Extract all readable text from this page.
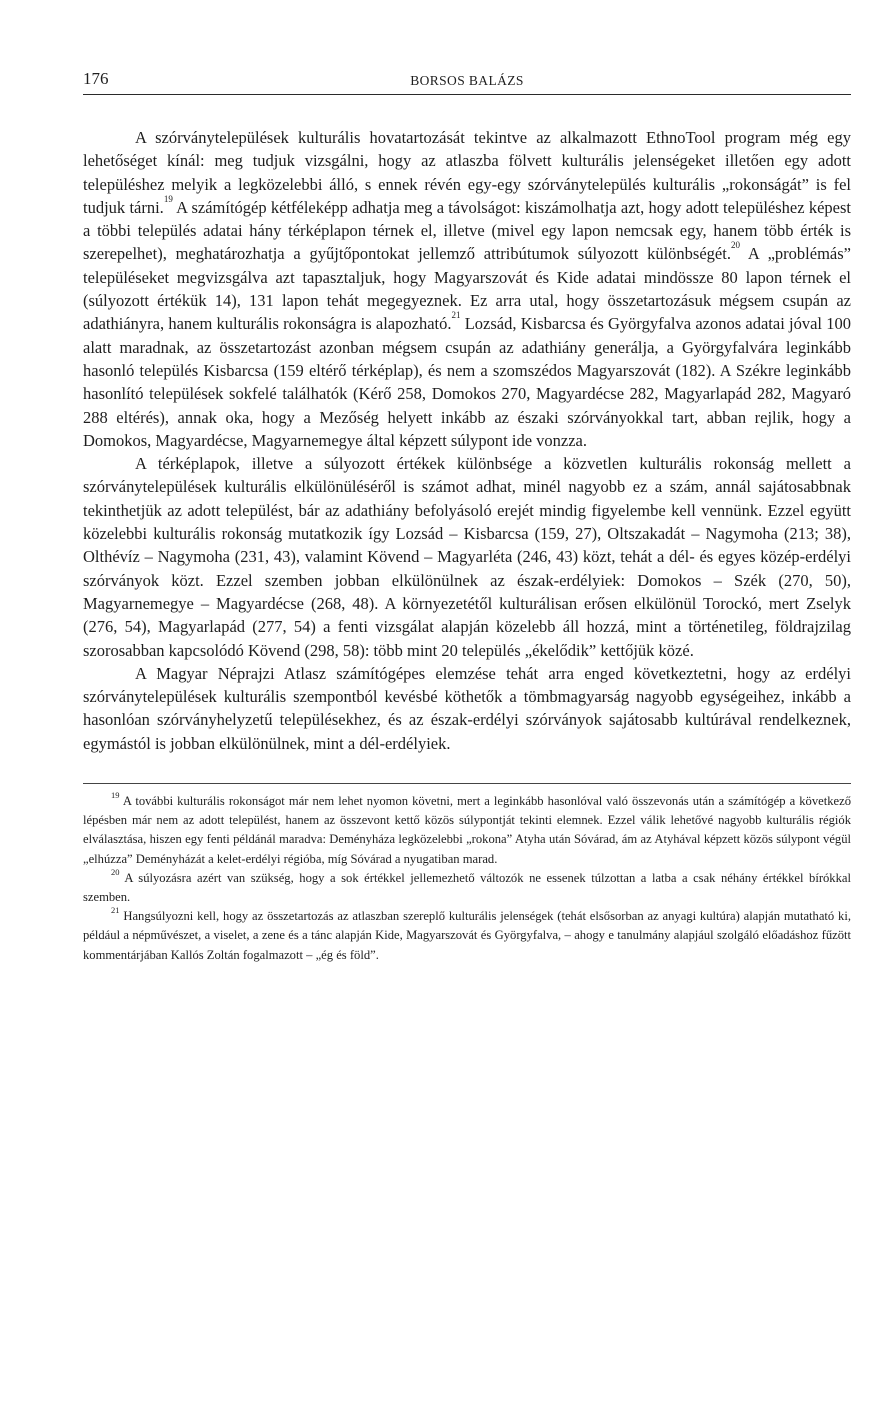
176	BORSOS BALÁZS

A szórványtelepülések kulturális hovatartozását tekintve az alkalmazott EthnoTool program még egy lehetőséget kínál: meg tudjuk vizsgálni, hogy az atlaszba fölvett kulturális jelenségeket illetően egy adott településhez melyik a legközelebbi álló, s ennek révén egy-egy szórványtelepülés kulturális „rokonságát” is fel tudjuk tárni.$^{19}$ A számítógép kétféleképp adhatja meg a távolságot: kiszámolhatja azt, hogy adott településhez képest a többi település adatai hány térképlapon térnek el, illetve (mivel egy lapon nemcsak egy, hanem több érték is szerepelhet), meghatározhatja a gyűjtőpontokat jellemző attribútumok súlyozott különbségét.$^{20}$ A „problémás” településeket megvizsgálva azt tapasztaljuk, hogy Magyarszovát és Kide adatai mindössze 80 lapon térnek el (súlyozott értékük 14), 131 lapon tehát megegyeznek. Ez arra utal, hogy összetartozásuk mégsem csupán az adathiányra, hanem kulturális rokonságra is alapozható.$^{21}$ Lozsád, Kisbarcsa és Györgyfalva azonos adatai jóval 100 alatt maradnak, az összetartozást azonban mégsem csupán az adathiány generálja, a Györgyfalvára leginkább hasonló település Kisbarcsa (159 eltérő térképlap), és nem a szomszédos Magyarszovát (182). A Székre leginkább hasonlító települések sokfelé találhatók (Kérő 258, Domokos 270, Magyardécse 282, Magyarlapád 282, Magyaró 288 eltérés), annak oka, hogy a Mezőség helyett inkább az északi szórványokkal tart, abban rejlik, hogy a Domokos, Magyardécse, Magyarnemegye által képzett súlypont ide vonzza.

A térképlapok, illetve a súlyozott értékek különbsége a közvetlen kulturális rokonság mellett a szórványtelepülések kulturális elkülönüléséről is számot adhat, minél nagyobb ez a szám, annál sajátosabbnak tekinthetjük az adott települést, bár az adathiány befolyásoló erejét mindig figyelembe kell vennünk. Ezzel együtt közelebbi kulturális rokonság mutatkozik így Lozsád – Kisbarcsa (159, 27), Oltszakadát – Nagymoha (213; 38), Olthévíz – Nagymoha (231, 43), valamint Kövend – Magyarléta (246, 43) közt, tehát a dél- és egyes közép-erdélyi szórványok közt. Ezzel szemben jobban elkülönülnek az észak-erdélyiek: Domokos – Szék (270, 50), Magyarnemegye – Magyardécse (268, 48). A környezetétől kulturálisan erősen elkülönül Torockó, mert Zselyk (276, 54), Magyarlapád (277, 54) a fenti vizsgálat alapján közelebb áll hozzá, mint a történetileg, földrajzilag szorosabban kapcsolódó Kövend (298, 58): több mint 20 település „ékelődik” kettőjük közé.

A Magyar Néprajzi Atlasz számítógépes elemzése tehát arra enged következtetni, hogy az erdélyi szórványtelepülések kulturális szempontból kevésbé köthetők a tömbmagyarság nagyobb egységeihez, inkább a hasonlóan szórványhelyzetű településekhez, és az észak-erdélyi szórványok sajátosabb kultúrával rendelkeznek, egymástól is jobban elkülönülnek, mint a dél-erdélyiek.

$^{19}$ A további kulturális rokonságot már nem lehet nyomon követni, mert a leginkább hasonlóval való összevonás után a számítógép a következő lépésben már nem az adott települést, hanem az összevont kettő közös súlypontját tekinti elemnek. Ezzel válik lehetővé nagyobb kulturális régiók elválasztása, hiszen egy fenti példánál maradva: Deményháza legközelebbi „rokona” Atyha után Sóvárad, ám az Atyhával képzett közös súlypont végül „elhúzza” Deményházát a kelet-erdélyi régióba, míg Sóvárad a nyugatiban marad.

$^{20}$ A súlyozásra azért van szükség, hogy a sok értékkel jellemezhető változók ne essenek túlzottan a latba a csak néhány értékkel bírókkal szemben.

$^{21}$ Hangsúlyozni kell, hogy az összetartozás az atlaszban szereplő kulturális jelenségek (tehát elsősorban az anyagi kultúra) alapján mutatható ki, például a népművészet, a viselet, a zene és a tánc alapján Kide, Magyarszovát és Györgyfalva, – ahogy e tanulmány alapjául szolgáló előadáshoz fűzött kommentárjában Kallós Zoltán fogalmazott – „ég és föld”.
